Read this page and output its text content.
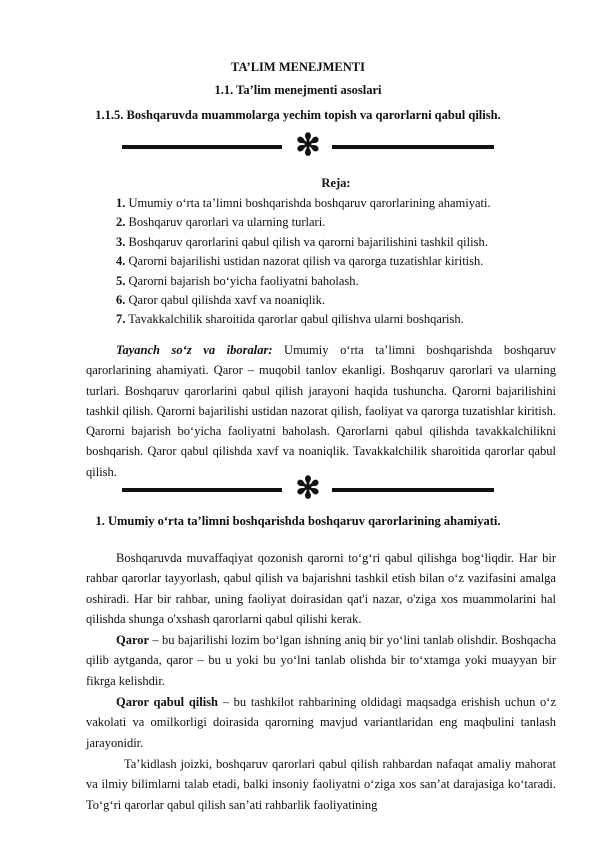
TA’LIM MENEJMENTI
1.1. Ta’lim menejmenti asoslari
1.1.5. Boshqaruvda muammolarga yechim topish va qarorlarni qabul qilish.
✻
Reja:
1. Umumiy o‘rta ta’limni boshqarishda boshqaruv qarorlarining ahamiyati.
2. Boshqaruv qarorlari va ularning turlari.
3. Boshqaruv qarorlarini qabul qilish va qarorni bajarilishini tashkil qilish.
4. Qarorni bajarilishi ustidan nazorat qilish va qarorga tuzatishlar kiritish.
5. Qarorni bajarish bo‘yicha faoliyatni baholash.
6. Qaror qabul qilishda xavf va noaniqlik.
7. Tavakkalchilik sharoitida qarorlar qabul qilishva ularni boshqarish.

Tayanch so‘z va iboralar: Umumiy o‘rta ta’limni boshqarishda boshqaruv qarorlarining ahamiyati. Qaror – muqobil tanlov ekanligi. Boshqaruv qarorlari va ularning turlari. Boshqaruv qarorlarini qabul qilish jarayoni haqida tushuncha. Qarorni bajarilishini tashkil qilish. Qarorni bajarilishi ustidan nazorat qilish, faoliyat va qarorga tuzatishlar kiritish. Qarorni bajarish bo‘yicha faoliyatni baholash. Qarorlarni qabul qilishda tavakkalchilikni boshqarish. Qaror qabul qilishda xavf va noaniqlik. Tavakkalchilik sharoitida qarorlar qabul qilish.

✻
1. Umumiy o‘rta ta’limni boshqarishda boshqaruv qarorlarining ahamiyati.

Boshqaruvda muvaffaqiyat qozonish qarorni to‘g‘ri qabul qilishga bog‘liqdir. Har bir rahbar qarorlar tayyorlash, qabul qilish va bajarishni tashkil etish bilan o‘z vazifasini amalga oshiradi. Har bir rahbar, uning faoliyat doirasidan qat'i nazar, o'ziga xos muammolarini hal qilishda shunga o'xshash qarorlarni qabul qilishi kerak.

Qaror – bu bajarilishi lozim bo‘lgan ishning aniq bir yo‘lini tanlab olishdir. Boshqacha qilib aytganda, qaror – bu u yoki bu yo‘lni tanlab olishda bir to‘xtamga yoki muayyan bir fikrga kelishdir.

Qaror qabul qilish – bu tashkilot rahbarining oldidagi maqsadga erishish uchun o‘z vakolati va omilkorligi doirasida qarorning mavjud variantlaridan eng maqbulini tanlash jarayonidir.

Ta’kidlash joizki, boshqaruv qarorlari qabul qilish rahbardan nafaqat amaliy mahorat va ilmiy bilimlarni talab etadi, balki insoniy faoliyatni o‘ziga xos san’at darajasiga ko‘taradi. To‘g‘ri qarorlar qabul qilish san’ati rahbarlik faoliyatining
